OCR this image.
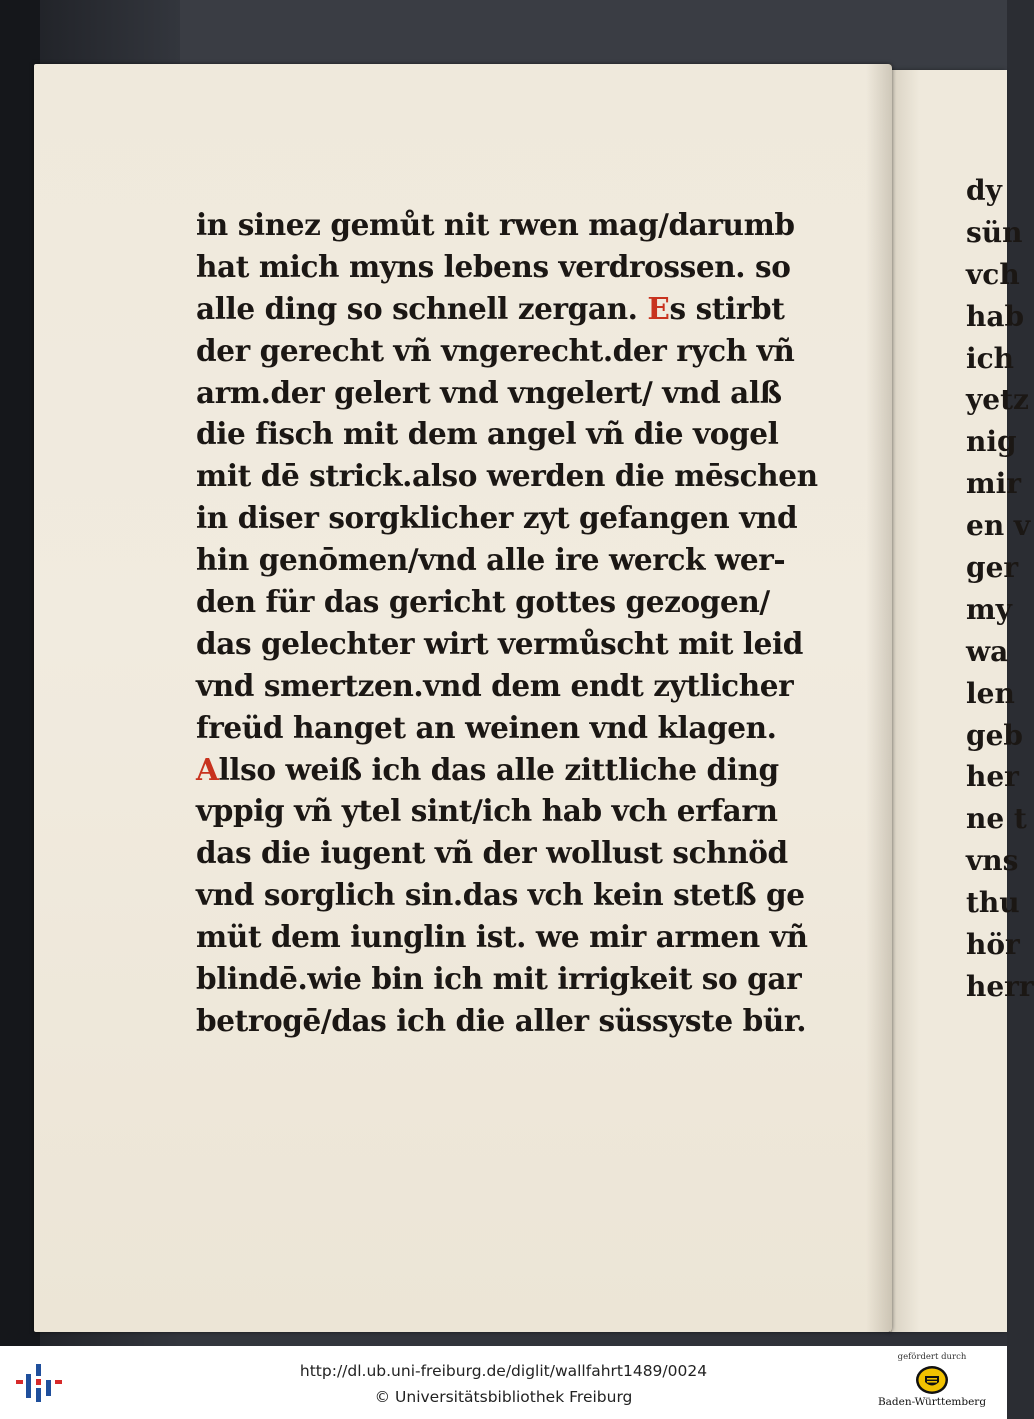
in sinez gemůt nit rwen mag/darumb
hat mich myns lebens verdrossen. so
alle ding so schnell zergan. Es stirbt
der gerecht vñ vngerecht.der rych vñ
arm.der gelert vnd vngelert/ vnd alß
die fisch mit dem angel vñ die vogel
mit dē strick.also werden die mēschen
in diser sorgklicher zyt gefangen vnd
hin genōmen/vnd alle ire werck wer-
den für das gericht gottes gezogen/
das gelechter wirt vermůscht mit leid
vnd smertzen.vnd dem endt zytlicher
freüd hanget an weinen vnd klagen.
Allso weiß ich das alle zittliche ding
vppig vñ ytel sint/ich hab vch erfarn
das die iugent vñ der wollust schnöd
vnd sorglich sin.das vch kein stetß ge
müt dem iunglin ist. we mir armen vñ
blindē.wie bin ich mit irrigkeit so gar
betrogē/das ich die aller süssyste bür.
dy
sün
vch
hab
ich
yetz
nig
mir
en v
ger
my
wa
len
geb
her
ne t
vns
thu
hör
herr
http://dl.ub.uni-freiburg.de/diglit/wallfahrt1489/0024
© Universitätsbibliothek Freiburg
gefördert durch
Baden-Württemberg
